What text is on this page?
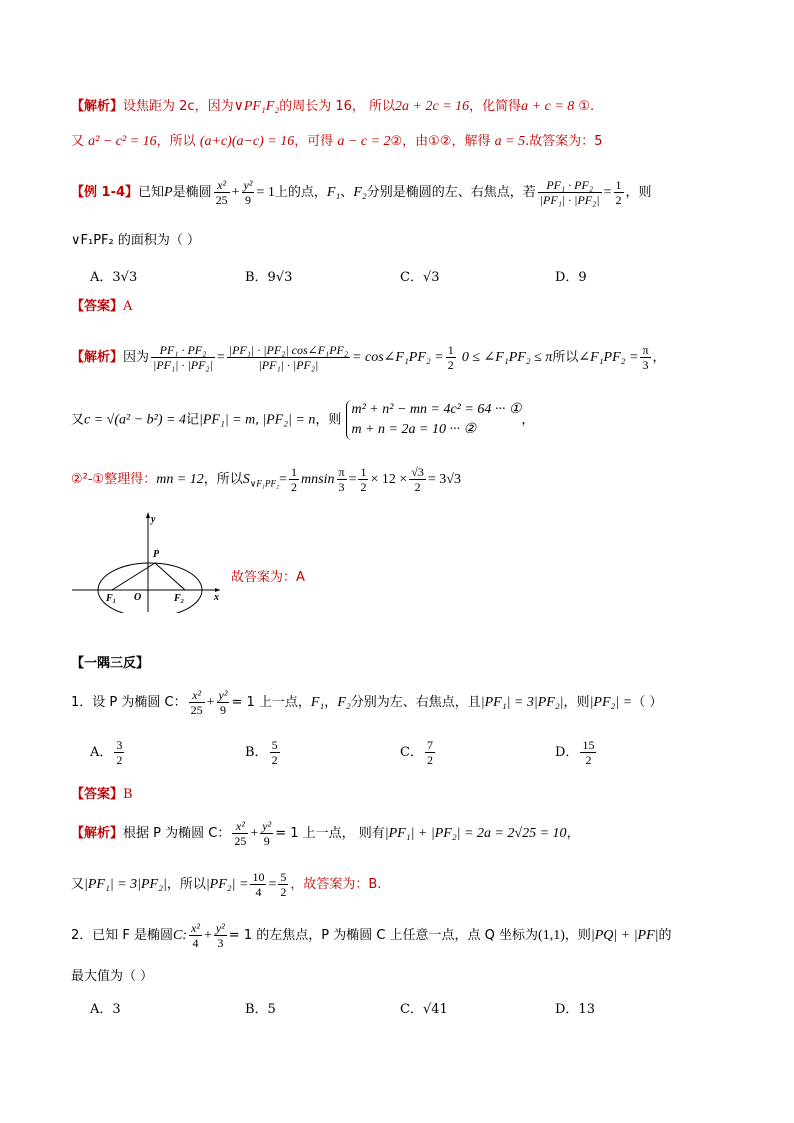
【解析】设焦距为 2c，因为∨PF₁F₂的周长为 16， 所以2a + 2c = 16，化简得a + c = 8 ①.
又 a² − c² = 16，所以 (a+c)(a−c) = 16，可得 a − c = 2②，由①②，解得 a = 5.故答案为：5
【例 1-4】已知P是椭圆 $\frac{\text{x²}}{25} + \frac{\text{y²}}{9} = 1$上的点，F₁、F₂分别是椭圆的左、右焦点，若 $\frac{\text{PF₁ · PF₂}}{\text{|PF₁| · |PF₂|}} = \frac{1}{2}$ ，则
∨F₁PF₂ 的面积为（ ）
A．3√3	B．9√3	C．√3	D．9
【答案】A
【解析】因为 $\frac{\text{PF₁ · PF₂}}{\text{|PF₁| · |PF₂|}} = \frac{\text{|PF₁| · |PF₂| cos∠F₁PF₂}}{\text{|PF₁| · |PF₂|}}$ = cos∠F₁PF₂ = $\frac{1}{2} 0$ ≤ ∠F₁PF₂ ≤ π所以∠F₁PF₂ = $\frac{\pi}{3}$ ，
又c = √(a² − b²) = 4记|PF₁| = m, |PF₂| = n，则
m² + n² − mn = 4c² = 64 ··· ①
m + n = 2a = 10 ··· ②
，
②²-①整理得：mn = 12，所以$S_{\vee F_1PF_2}= \frac{1}{2}$ mnsin $\frac{\pi}{3} = \frac{1}{2} \times 12 \times \frac{√3}{2} = 3√3$
y
x
P
O
F₁	F₂
故答案为：A
【一隅三反】
1．设 P 为椭圆 C： $\frac{\text{x²}}{25} + \frac{\text{y²}}{9} = 1$ 上一点，F₁，F₂分别为左、右焦点，且|PF₁| = 3|PF₂|，则|PF₂| =（ ）
A． $\frac{3}{2}$	B． $\frac{5}{2}$	C． $\frac{7}{2}$	D． $\frac{15}{2}$
【答案】B
【解析】根据 P 为椭圆 C： $\frac{\text{x²}}{25} + \frac{\text{y²}}{9} = 1$ 上一点， 则有|PF₁| + |PF₂| = 2a = 2√25 = 10，
又|PF₁| = 3|PF₂|，所以$|PF_2| = \frac{10}{4} = \frac{5}{2}$ ，故答案为：B.
2．已知 F 是椭圆C: $\frac{\text{x²}}{4} + \frac{\text{y²}}{3} = 1$ 的左焦点，P 为椭圆 C 上任意一点，点 Q 坐标为(1,1)，则|PQ| + |PF|的
最大值为（ ）
A．3	B．5	C．√41	D．13
